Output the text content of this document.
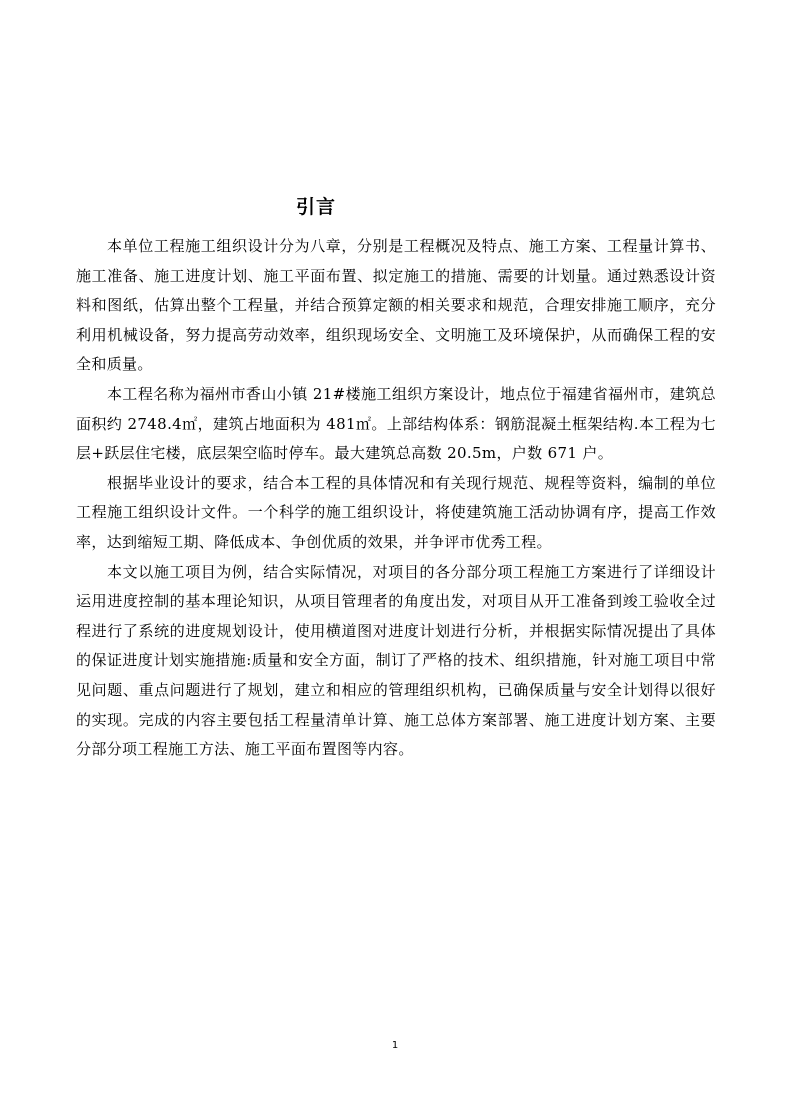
引言

本单位工程施工组织设计分为八章，分别是工程概况及特点、施工方案、工程量计算书、施工准备、施工进度计划、施工平面布置、拟定施工的措施、需要的计划量。通过熟悉设计资料和图纸，估算出整个工程量，并结合预算定额的相关要求和规范，合理安排施工顺序，充分利用机械设备，努力提高劳动效率，组织现场安全、文明施工及环境保护，从而确保工程的安全和质量。

本工程名称为福州市香山小镇 21#楼施工组织方案设计，地点位于福建省福州市，建筑总面积约 2748.4㎡，建筑占地面积为 481㎡。上部结构体系：钢筋混凝土框架结构.本工程为七层+跃层住宅楼，底层架空临时停车。最大建筑总高数 20.5m，户数 671 户。

根据毕业设计的要求，结合本工程的具体情况和有关现行规范、规程等资料，编制的单位工程施工组织设计文件。一个科学的施工组织设计，将使建筑施工活动协调有序，提高工作效率，达到缩短工期、降低成本、争创优质的效果，并争评市优秀工程。

本文以施工项目为例，结合实际情况，对项目的各分部分项工程施工方案进行了详细设计运用进度控制的基本理论知识，从项目管理者的角度出发，对项目从开工准备到竣工验收全过程进行了系统的进度规划设计，使用横道图对进度计划进行分析，并根据实际情况提出了具体的保证进度计划实施措施:质量和安全方面，制订了严格的技术、组织措施，针对施工项目中常见问题、重点问题进行了规划，建立和相应的管理组织机构，已确保质量与安全计划得以很好的实现。完成的内容主要包括工程量清单计算、施工总体方案部署、施工进度计划方案、主要分部分项工程施工方法、施工平面布置图等内容。

1
